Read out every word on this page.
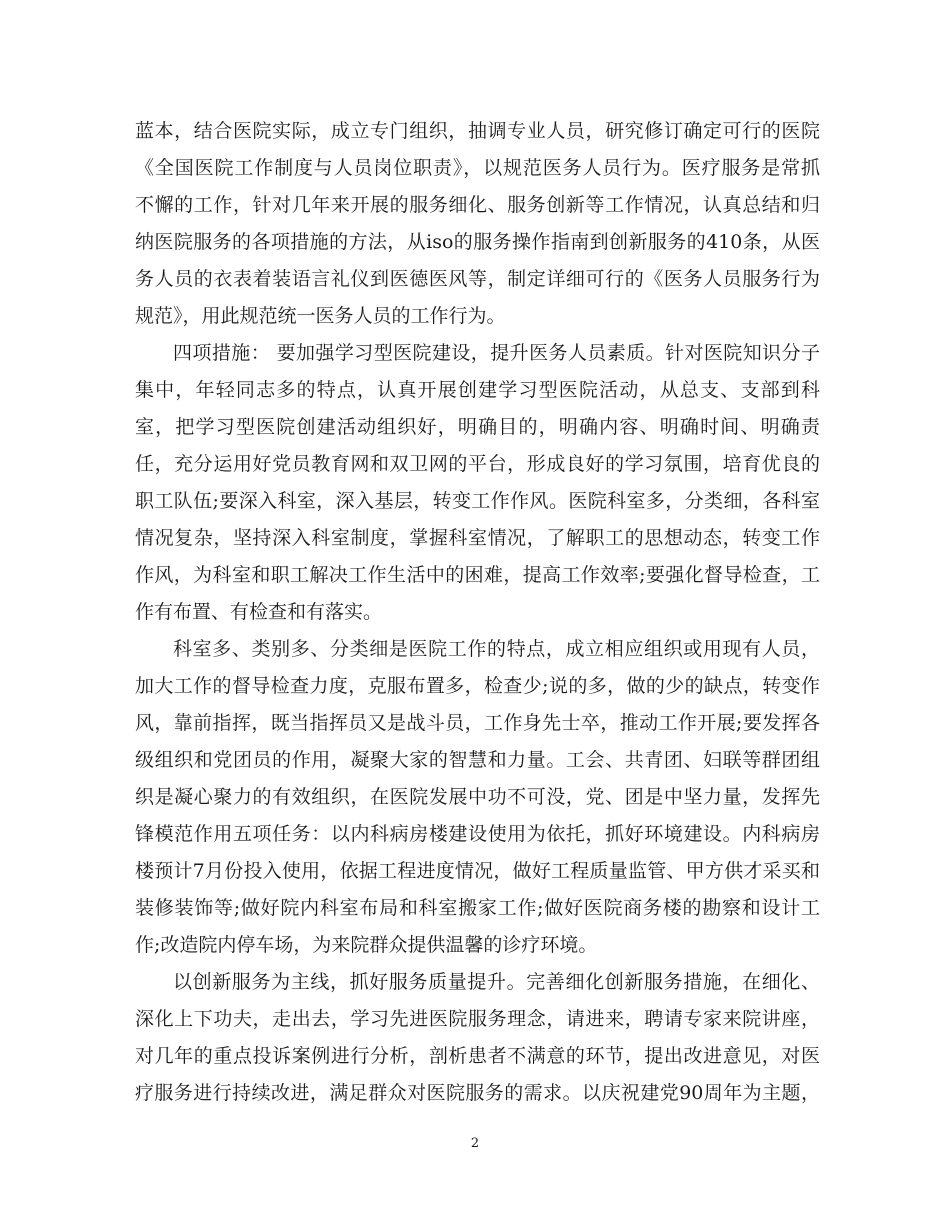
蓝本，结合医院实际，成立专门组织，抽调专业人员，研究修订确定可行的医院
《全国医院工作制度与人员岗位职责》，以规范医务人员行为。医疗服务是常抓
不懈的工作，针对几年来开展的服务细化、服务创新等工作情况，认真总结和归
纳医院服务的各项措施的方法，从iso的服务操作指南到创新服务的410条，从医
务人员的衣表着装语言礼仪到医德医风等，制定详细可行的《医务人员服务行为
规范》，用此规范统一医务人员的工作行为。
四项措施： 要加强学习型医院建设，提升医务人员素质。针对医院知识分子
集中，年轻同志多的特点，认真开展创建学习型医院活动，从总支、支部到科
室，把学习型医院创建活动组织好，明确目的，明确内容、明确时间、明确责
任，充分运用好党员教育网和双卫网的平台，形成良好的学习氛围，培育优良的
职工队伍;要深入科室，深入基层，转变工作作风。医院科室多，分类细，各科室
情况复杂，坚持深入科室制度，掌握科室情况，了解职工的思想动态，转变工作
作风，为科室和职工解决工作生活中的困难，提高工作效率;要强化督导检查，工
作有布置、有检查和有落实。
科室多、类别多、分类细是医院工作的特点，成立相应组织或用现有人员，
加大工作的督导检查力度，克服布置多，检查少;说的多，做的少的缺点，转变作
风，靠前指挥，既当指挥员又是战斗员，工作身先士卒，推动工作开展;要发挥各
级组织和党团员的作用，凝聚大家的智慧和力量。工会、共青团、妇联等群团组
织是凝心聚力的有效组织，在医院发展中功不可没，党、团是中坚力量，发挥先
锋模范作用五项任务：以内科病房楼建设使用为依托，抓好环境建设。内科病房
楼预计7月份投入使用，依据工程进度情况，做好工程质量监管、甲方供才采买和
装修装饰等;做好院内科室布局和科室搬家工作;做好医院商务楼的勘察和设计工
作;改造院内停车场，为来院群众提供温馨的诊疗环境。
以创新服务为主线，抓好服务质量提升。完善细化创新服务措施，在细化、
深化上下功夫，走出去，学习先进医院服务理念，请进来，聘请专家来院讲座，
对几年的重点投诉案例进行分析，剖析患者不满意的环节，提出改进意见，对医
疗服务进行持续改进，满足群众对医院服务的需求。以庆祝建党90周年为主题，
2
